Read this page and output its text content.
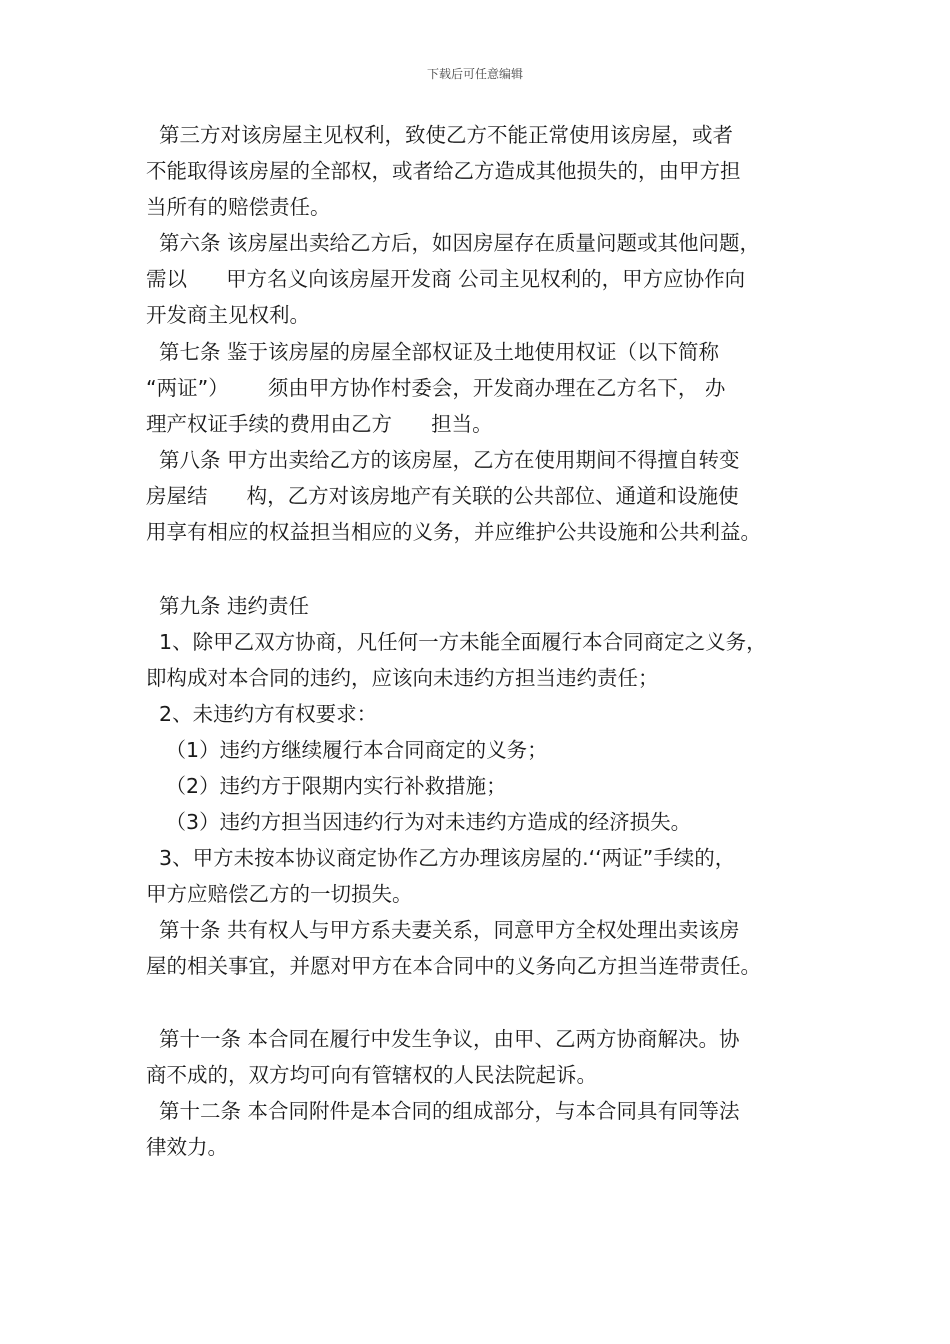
下载后可任意编辑
第三方对该房屋主见权利，致使乙方不能正常使用该房屋，或者
不能取得该房屋的全部权，或者给乙方造成其他损失的，由甲方担
当所有的赔偿责任。
第六条 该房屋出卖给乙方后，如因房屋存在质量问题或其他问题，
需以      甲方名义向该房屋开发商 公司主见权利的，甲方应协作向
开发商主见权利。
第七条 鉴于该房屋的房屋全部权证及土地使用权证（以下简称
“两证”）      须由甲方协作村委会，开发商办理在乙方名下， 办
理产权证手续的费用由乙方      担当。
第八条 甲方出卖给乙方的该房屋，乙方在使用期间不得擅自转变
房屋结      构，乙方对该房地产有关联的公共部位、通道和设施使
用享有相应的权益担当相应的义务，并应维护公共设施和公共利益。
第九条 违约责任
1、除甲乙双方协商，凡任何一方未能全面履行本合同商定之义务，
即构成对本合同的违约，应该向未违约方担当违约责任；
2、未违约方有权要求：
（1）违约方继续履行本合同商定的义务；
（2）违约方于限期内实行补救措施；
（3）违约方担当因违约行为对未违约方造成的经济损失。
3、甲方未按本协议商定协作乙方办理该房屋的.‘‘两证”手续的，
甲方应赔偿乙方的一切损失。
第十条 共有权人与甲方系夫妻关系，同意甲方全权处理出卖该房
屋的相关事宜，并愿对甲方在本合同中的义务向乙方担当连带责任。
第十一条 本合同在履行中发生争议，由甲、乙两方协商解决。协
商不成的，双方均可向有管辖权的人民法院起诉。
第十二条 本合同附件是本合同的组成部分，与本合同具有同等法
律效力。
